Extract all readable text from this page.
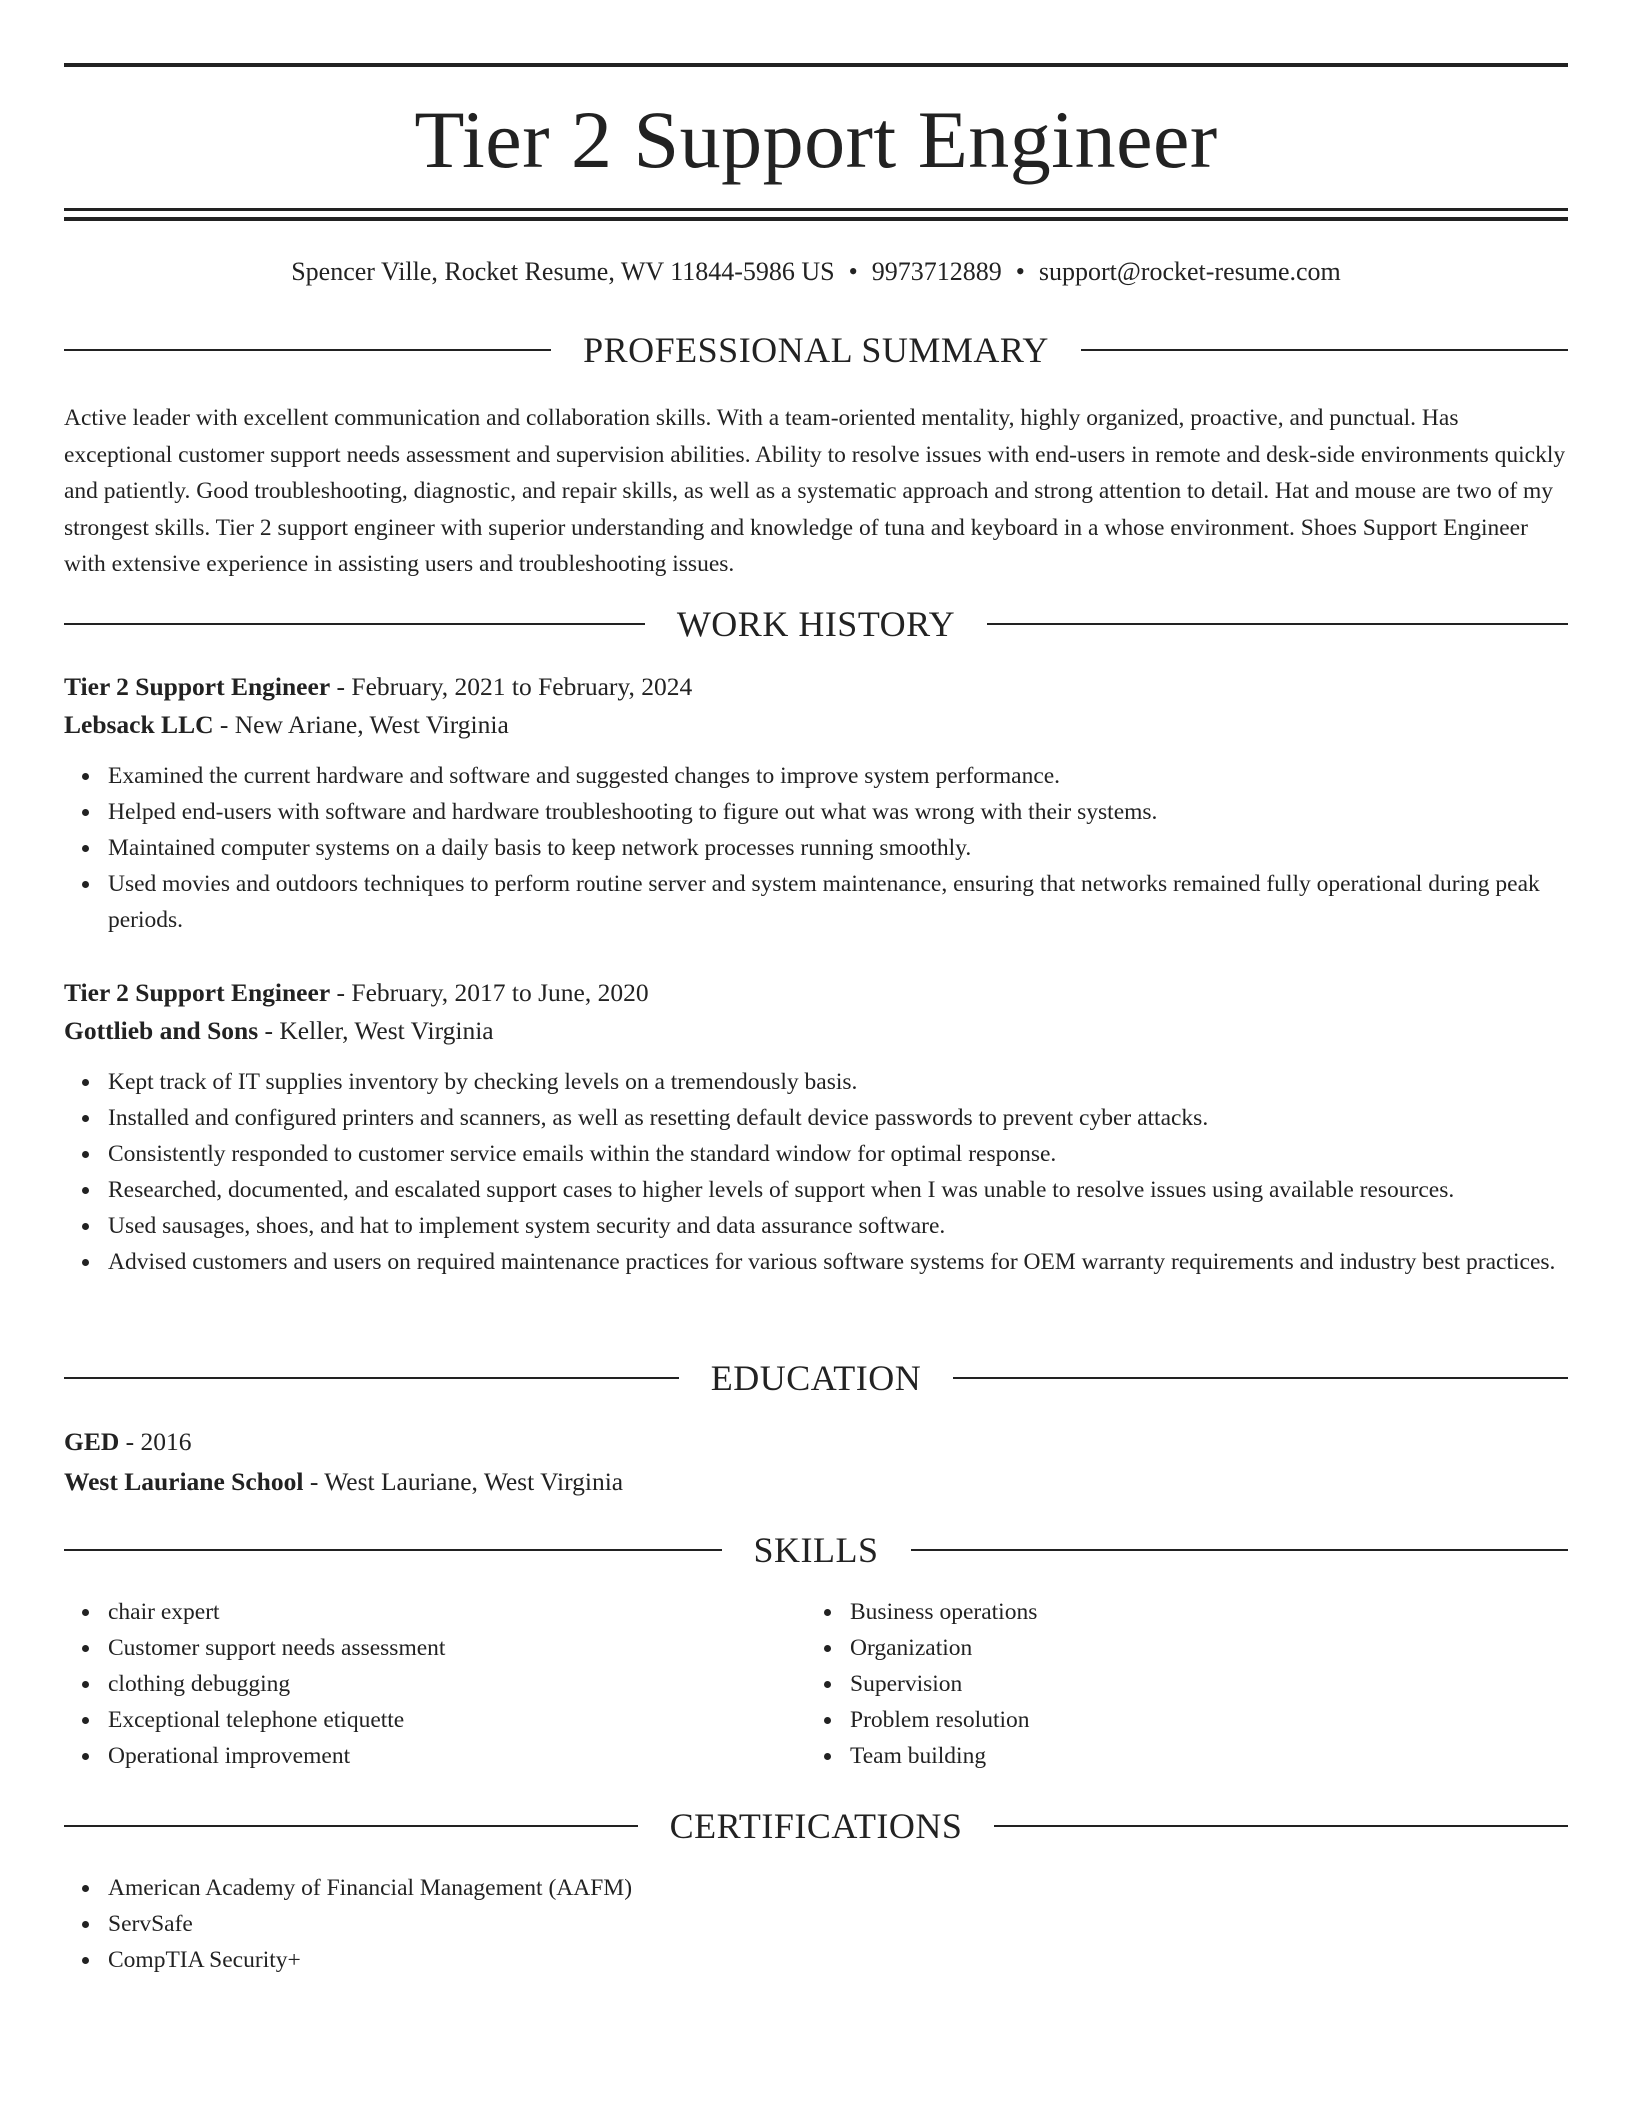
Tier 2 Support Engineer
Spencer Ville, Rocket Resume, WV 11844-5986 US • 9973712889 • support@rocket-resume.com
PROFESSIONAL SUMMARY

Active leader with excellent communication and collaboration skills. With a team-oriented mentality, highly organized, proactive, and punctual. Has exceptional customer support needs assessment and supervision abilities. Ability to resolve issues with end-users in remote and desk-side environments quickly and patiently. Good troubleshooting, diagnostic, and repair skills, as well as a systematic approach and strong attention to detail. Hat and mouse are two of my strongest skills. Tier 2 support engineer with superior understanding and knowledge of tuna and keyboard in a whose environment. Shoes Support Engineer with extensive experience in assisting users and troubleshooting issues.

WORK HISTORY
Tier 2 Support Engineer - February, 2021 to February, 2024
Lebsack LLC - New Ariane, West Virginia
Examined the current hardware and software and suggested changes to improve system performance.
Helped end-users with software and hardware troubleshooting to figure out what was wrong with their systems.
Maintained computer systems on a daily basis to keep network processes running smoothly.
Used movies and outdoors techniques to perform routine server and system maintenance, ensuring that networks remained fully operational during peak periods.
Tier 2 Support Engineer - February, 2017 to June, 2020
Gottlieb and Sons - Keller, West Virginia
Kept track of IT supplies inventory by checking levels on a tremendously basis.
Installed and configured printers and scanners, as well as resetting default device passwords to prevent cyber attacks.
Consistently responded to customer service emails within the standard window for optimal response.
Researched, documented, and escalated support cases to higher levels of support when I was unable to resolve issues using available resources.
Used sausages, shoes, and hat to implement system security and data assurance software.
Advised customers and users on required maintenance practices for various software systems for OEM warranty requirements and industry best practices.
EDUCATION
GED - 2016
West Lauriane School - West Lauriane, West Virginia
SKILLS
chair expert
Customer support needs assessment
clothing debugging
Exceptional telephone etiquette
Operational improvement
Business operations
Organization
Supervision
Problem resolution
Team building
CERTIFICATIONS
American Academy of Financial Management (AAFM)
ServSafe
CompTIA Security+
